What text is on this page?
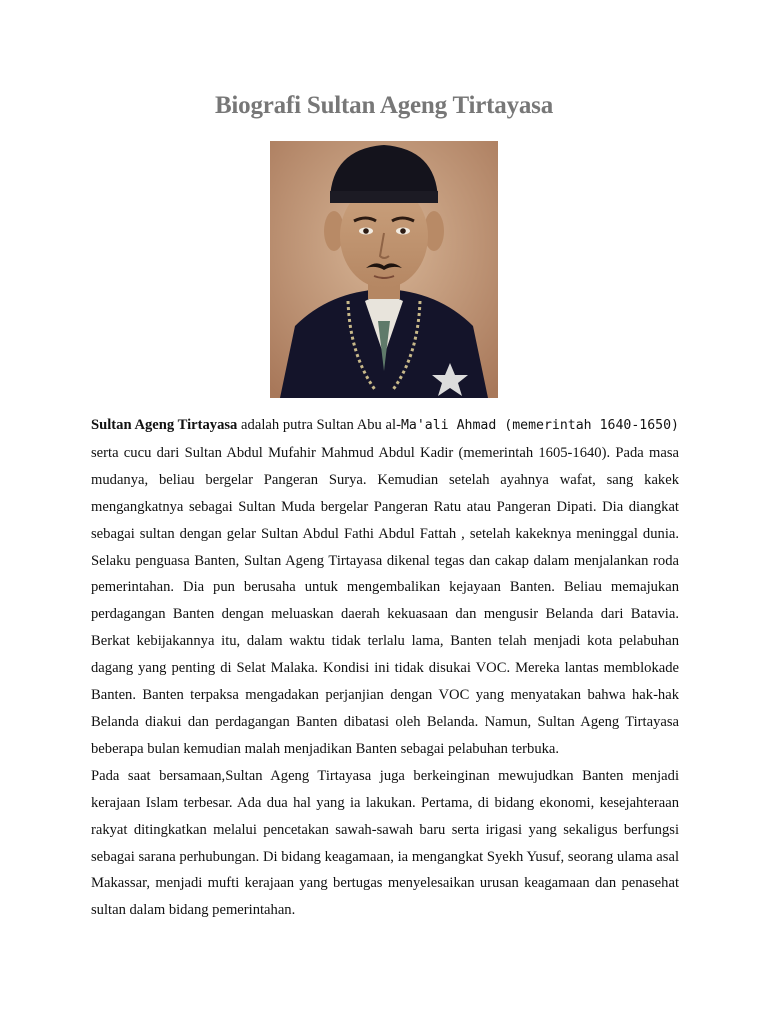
Biografi Sultan Ageng Tirtayasa

Sultan Ageng Tirtayasa adalah putra Sultan Abu al-Ma'ali Ahmad (memerintah 1640-1650) serta cucu dari Sultan Abdul Mufahir Mahmud Abdul Kadir (memerintah 1605-1640). Pada masa mudanya, beliau bergelar Pangeran Surya. Kemudian setelah ayahnya wafat, sang kakek mengangkatnya sebagai Sultan Muda bergelar Pangeran Ratu atau Pangeran Dipati. Dia diangkat sebagai sultan dengan gelar Sultan Abdul Fathi Abdul Fattah , setelah kakeknya meninggal dunia. Selaku penguasa Banten, Sultan Ageng Tirtayasa dikenal tegas dan cakap dalam menjalankan roda pemerintahan. Dia pun berusaha untuk mengembalikan kejayaan Banten. Beliau memajukan perdagangan Banten dengan meluaskan daerah kekuasaan dan mengusir Belanda dari Batavia. Berkat kebijakannya itu, dalam waktu tidak terlalu lama, Banten telah menjadi kota pelabuhan dagang yang penting di Selat Malaka. Kondisi ini tidak disukai VOC. Mereka lantas memblokade Banten. Banten terpaksa mengadakan perjanjian dengan VOC yang menyatakan bahwa hak-hak Belanda diakui dan perdagangan Banten dibatasi oleh Belanda. Namun, Sultan Ageng Tirtayasa beberapa bulan kemudian malah menjadikan Banten sebagai pelabuhan terbuka.

Pada saat bersamaan,Sultan Ageng Tirtayasa juga berkeinginan mewujudkan Banten menjadi kerajaan Islam terbesar. Ada dua hal yang ia lakukan. Pertama, di bidang ekonomi, kesejahteraan rakyat ditingkatkan melalui pencetakan sawah-sawah baru serta irigasi yang sekaligus berfungsi sebagai sarana perhubungan. Di bidang keagamaan, ia mengangkat Syekh Yusuf, seorang ulama asal Makassar, menjadi mufti kerajaan yang bertugas menyelesaikan urusan keagamaan dan penasehat sultan dalam bidang pemerintahan.
